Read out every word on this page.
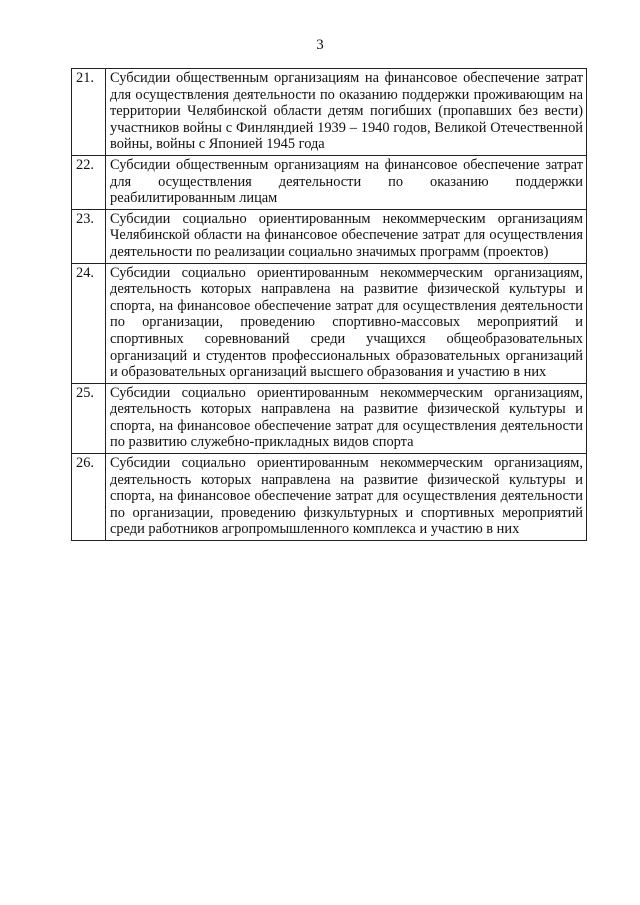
3
21.	Субсидии общественным организациям на финансовое обеспечение затрат для осуществления деятельности по оказанию поддержки проживающим на территории Челябинской области детям погибших (пропавших без вести) участников войны с Финляндией 1939 – 1940 годов, Великой Отечественной войны, войны с Японией 1945 года
22.	Субсидии общественным организациям на финансовое обеспечение затрат для осуществления деятельности по оказанию поддержки реабилитированным лицам
23.	Субсидии социально ориентированным некоммерческим организациям Челябинской области на финансовое обеспечение затрат для осуществления деятельности по реализации социально значимых программ (проектов)
24.	Субсидии социально ориентированным некоммерческим организациям, деятельность которых направлена на развитие физической культуры и спорта, на финансовое обеспечение затрат для осуществления деятельности по организации, проведению спортивно-массовых мероприятий и спортивных соревнований среди учащихся общеобразовательных организаций и студентов профессиональных образовательных организаций и образовательных организаций высшего образования и участию в них
25.	Субсидии социально ориентированным некоммерческим организациям, деятельность которых направлена на развитие физической культуры и спорта, на финансовое обеспечение затрат для осуществления деятельности по развитию служебно-прикладных видов спорта
26.	Субсидии социально ориентированным некоммерческим организациям, деятельность которых направлена на развитие физической культуры и спорта, на финансовое обеспечение затрат для осуществления деятельности по организации, проведению физкультурных и спортивных мероприятий среди работников агропромышленного комплекса и участию в них
